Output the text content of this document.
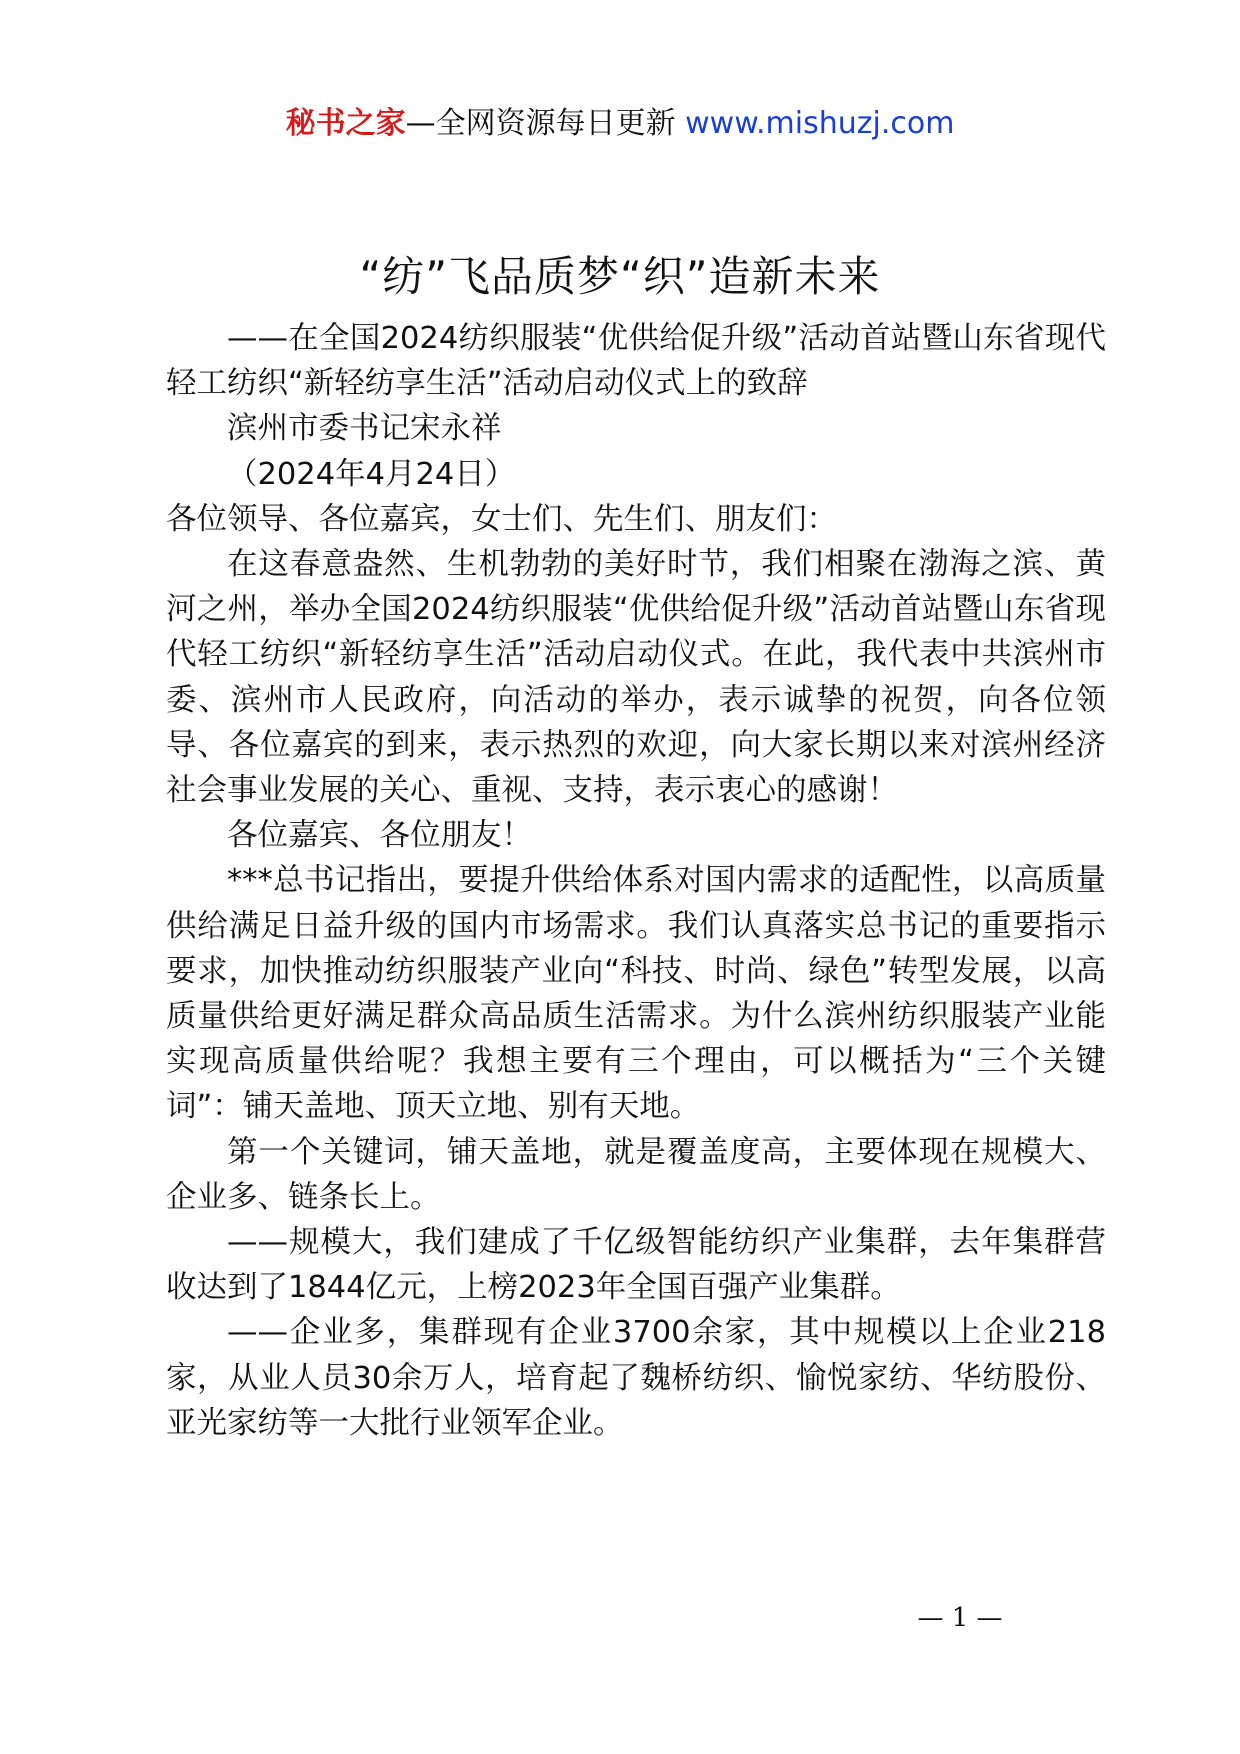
秘书之家—全网资源每日更新 www.mishuzj.com
“纺”飞品质梦“织”造新未来

——在全国2024纺织服装“优供给促升级”活动首站暨山东省现代轻工纺织“新轻纺享生活”活动启动仪式上的致辞

滨州市委书记宋永祥

（2024年4月24日）

各位领导、各位嘉宾，女士们、先生们、朋友们：

在这春意盎然、生机勃勃的美好时节，我们相聚在渤海之滨、黄河之州，举办全国2024纺织服装“优供给促升级”活动首站暨山东省现代轻工纺织“新轻纺享生活”活动启动仪式。在此，我代表中共滨州市委、滨州市人民政府，向活动的举办，表示诚挚的祝贺，向各位领导、各位嘉宾的到来，表示热烈的欢迎，向大家长期以来对滨州经济社会事业发展的关心、重视、支持，表示衷心的感谢！

各位嘉宾、各位朋友！

***总书记指出，要提升供给体系对国内需求的适配性，以高质量供给满足日益升级的国内市场需求。我们认真落实总书记的重要指示要求，加快推动纺织服装产业向“科技、时尚、绿色”转型发展，以高质量供给更好满足群众高品质生活需求。为什么滨州纺织服装产业能实现高质量供给呢？我想主要有三个理由，可以概括为“三个关键词”：铺天盖地、顶天立地、别有天地。

第一个关键词，铺天盖地，就是覆盖度高，主要体现在规模大、企业多、链条长上。

——规模大，我们建成了千亿级智能纺织产业集群，去年集群营收达到了1844亿元，上榜2023年全国百强产业集群。

——企业多，集群现有企业3700余家，其中规模以上企业218家，从业人员30余万人，培育起了魏桥纺织、愉悦家纺、华纺股份、亚光家纺等一大批行业领军企业。

— 1 —
